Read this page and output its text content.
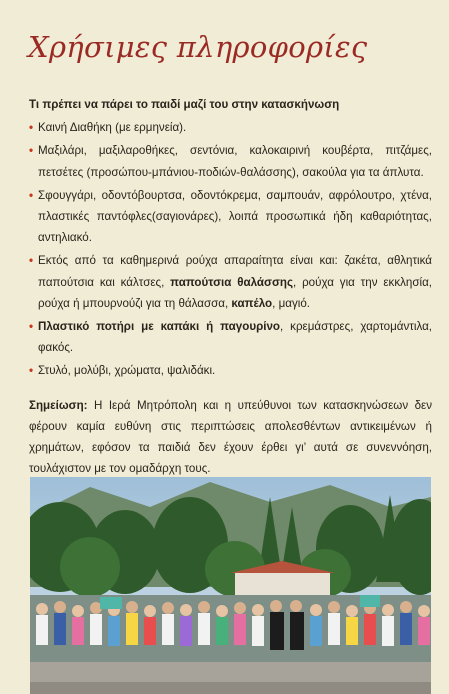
Χρήσιμες πληροφορίες
Τι πρέπει να πάρει το παιδί μαζί του στην κατασκήνωση
• Καινή Διαθήκη (με ερμηνεία).
• Μαξιλάρι, μαξιλαροθήκες, σεντόνια, καλοκαιρινή κουβέρτα, πιτζάμες, πετσέτες (προσώπου-μπάνιου-ποδιών-θαλάσσης), σακούλα για τα άπλυτα.
• Σφουγγάρι, οδοντόβουρτσα, οδοντόκρεμα, σαμπουάν, αφρόλουτρο, χτένα, πλαστικές παντόφλες(σαγιονάρες), λοιπά προσωπικά ήδη καθαριότητας, αντηλιακό.
• Εκτός από τα καθημερινά ρούχα απαραίτητα είναι και: ζακέτα, αθλητικά παπούτσια και κάλτσες, παπούτσια θαλάσσης, ρούχα για την εκκλησία, ρούχα ή μπουρνούζι για τη θάλασσα, καπέλο, μαγιό.
• Πλαστικό ποτήρι με καπάκι ή παγουρίνο, κρεμάστρες, χαρτομάντιλα, φακός.
• Στυλό, μολύβι, χρώματα, ψαλιδάκι.
Σημείωση: Η Ιερά Μητρόπολη και η υπεύθυνοι των κατασκηνώσεων δεν φέρουν καμία ευθύνη στις περιπτώσεις απολεσθέντων αντικειμένων ή χρημάτων, εφόσον τα παιδιά δεν έχουν έρθει γι’ αυτά σε συνεννόηση, τουλάχιστον με τον ομαδάρχη τους.
